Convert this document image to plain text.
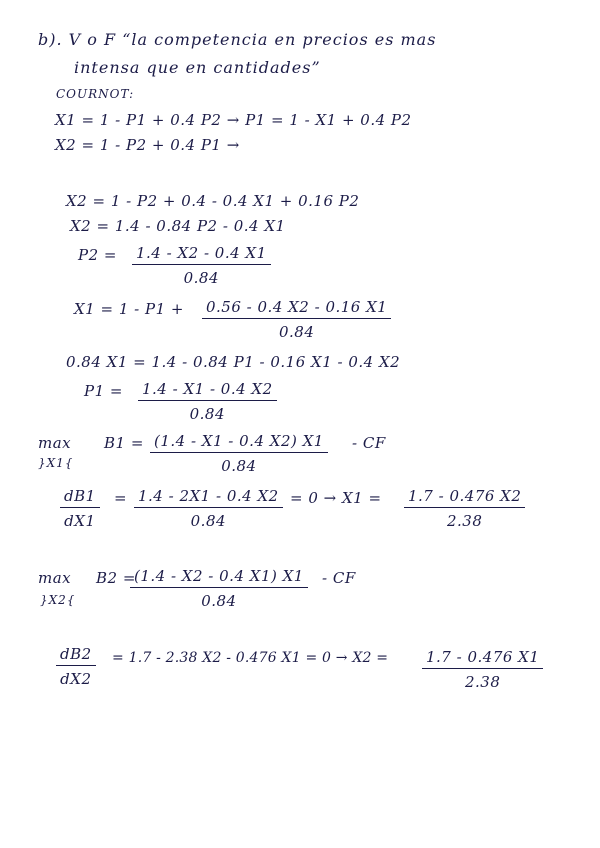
b). V o F “la competencia en precios es mas
intensa que en cantidades”
COURNOT:
X1 = 1 - P1 + 0.4 P2 → P1 = 1 - X1 + 0.4 P2
X2 = 1 - P2 + 0.4 P1 →
X2 = 1 - P2 + 0.4 - 0.4 X1 + 0.16 P2
X2 = 1.4 - 0.84 P2 - 0.4 X1
P2 = 1.4 - X2 - 0.4 X1
0.84
X1 = 1 - P1 + 0.56 - 0.4 X2 - 0.16 X1
0.84
0.84 X1 = 1.4 - 0.84 P1 - 0.16 X1 - 0.4 X2
P1 = 1.4 - X1 - 0.4 X2
0.84
max
}X1{
B1 = (1.4 - X1 - 0.4 X2) X1
0.84
- CF
dB1
dX1
= 1.4 - 2X1 - 0.4 X2
0.84
= 0 → X1 = 1.7 - 0.476 X2
2.38
max
}X2{
B2 =
(1.4 - X2 - 0.4 X1) X1
0.84
- CF
dB2
dX2
= 1.7 - 2.38 X2 - 0.476 X1 = 0 → X2 =	1.7 - 0.476 X1
2.38
